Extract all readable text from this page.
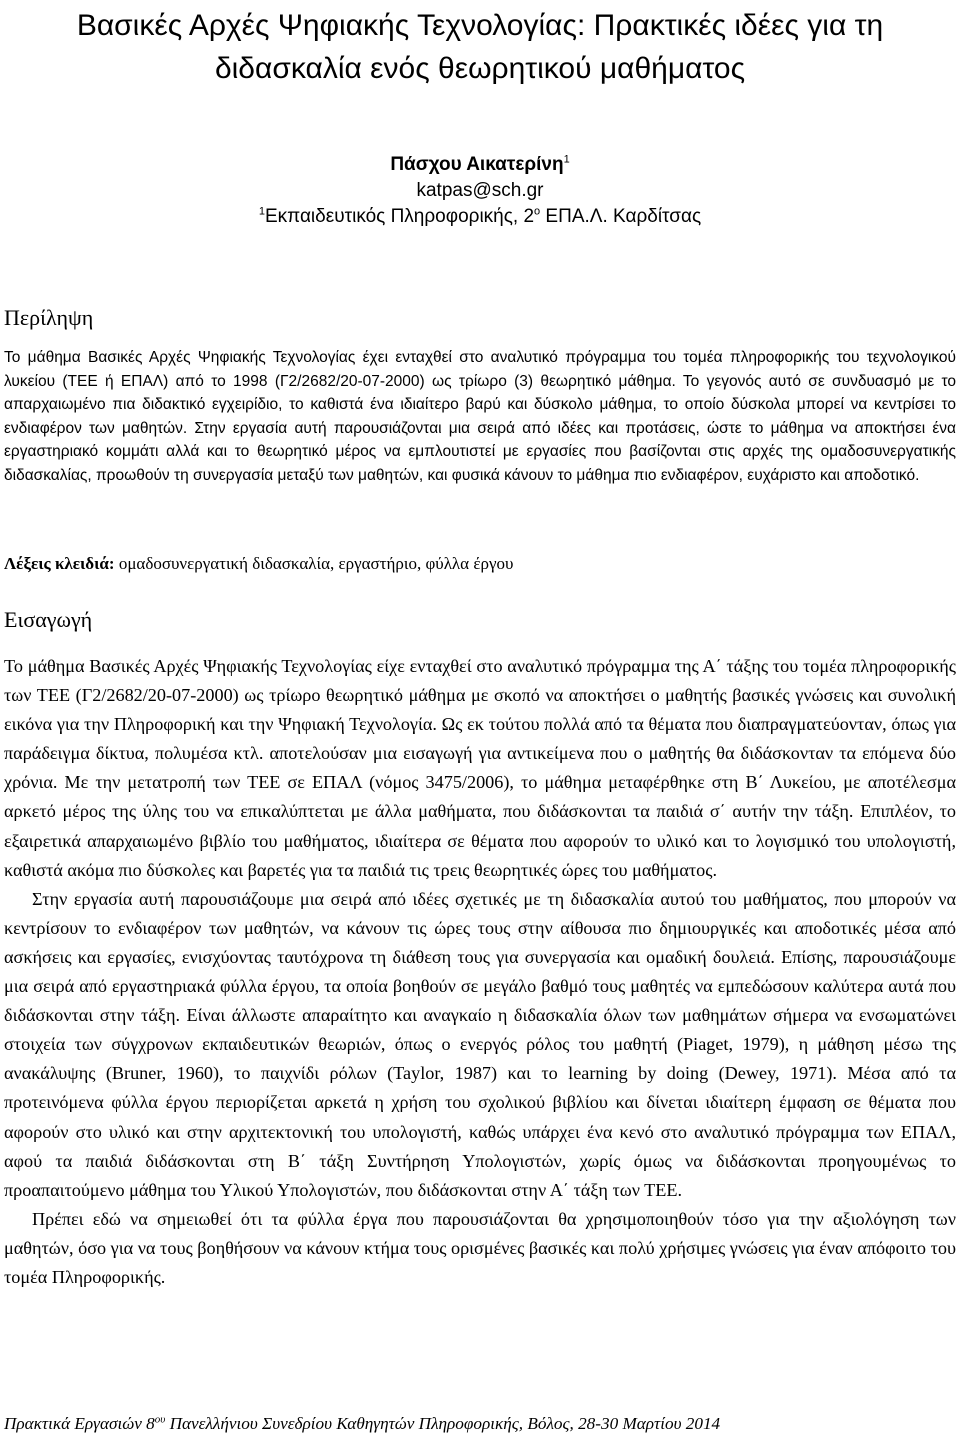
Βασικές Αρχές Ψηφιακής Τεχνολογίας: Πρακτικές ιδέες για τη διδασκαλία ενός θεωρητικού μαθήματος
Πάσχου Αικατερίνη$^1$
katpas@sch.gr
$^1$Εκπαιδευτικός Πληροφορικής, $2^o$ ΕΠΑ.Λ. Καρδίτσας
Περίληψη

Το μάθημα Βασικές Αρχές Ψηφιακής Τεχνολογίας έχει ενταχθεί στο αναλυτικό πρόγραμμα του τομέα πληροφορικής του τεχνολογικού λυκείου (ΤΕΕ ή ΕΠΑΛ) από το 1998 (Γ2/2682/20-07-2000) ως τρίωρο (3) θεωρητικό μάθημα. Το γεγονός αυτό σε συνδυασμό με το απαρχαιωμένο πια διδακτικό εγχειρίδιο, το καθιστά ένα ιδιαίτερο βαρύ και δύσκολο μάθημα, το οποίο δύσκολα μπορεί να κεντρίσει το ενδιαφέρον των μαθητών. Στην εργασία αυτή παρουσιάζονται μια σειρά από ιδέες και προτάσεις, ώστε το μάθημα να αποκτήσει ένα εργαστηριακό κομμάτι αλλά και το θεωρητικό μέρος να εμπλουτιστεί με εργασίες που βασίζονται στις αρχές της ομαδοσυνεργατικής διδασκαλίας, προωθούν τη συνεργασία μεταξύ των μαθητών, και φυσικά κάνουν το μάθημα πιο ενδιαφέρον, ευχάριστο και αποδοτικό.

Λέξεις κλειδιά: ομαδοσυνεργατική διδασκαλία, εργαστήριο, φύλλα έργου

Εισαγωγή

Το μάθημα Βασικές Αρχές Ψηφιακής Τεχνολογίας είχε ενταχθεί στο αναλυτικό πρόγραμμα της Α΄ τάξης του τομέα πληροφορικής των ΤΕΕ (Γ2/2682/20-07-2000) ως τρίωρο θεωρητικό μάθημα με σκοπό να αποκτήσει ο μαθητής βασικές γνώσεις και συνολική εικόνα για την Πληροφορική και την Ψηφιακή Τεχνολογία. Ως εκ τούτου πολλά από τα θέματα που διαπραγματεύονταν, όπως για παράδειγμα δίκτυα, πολυμέσα κτλ. αποτελούσαν μια εισαγωγή για αντικείμενα που ο μαθητής θα διδάσκονταν τα επόμενα δύο χρόνια. Με την μετατροπή των ΤΕΕ σε ΕΠΑΛ (νόμος 3475/2006), το μάθημα μεταφέρθηκε στη Β΄ Λυκείου, με αποτέλεσμα αρκετό μέρος της ύλης του να επικαλύπτεται με άλλα μαθήματα, που διδάσκονται τα παιδιά σ΄ αυτήν την τάξη. Επιπλέον, το εξαιρετικά απαρχαιωμένο βιβλίο του μαθήματος, ιδιαίτερα σε θέματα που αφορούν το υλικό και το λογισμικό του υπολογιστή, καθιστά ακόμα πιο δύσκολες και βαρετές για τα παιδιά τις τρεις θεωρητικές ώρες του μαθήματος.

Στην εργασία αυτή παρουσιάζουμε μια σειρά από ιδέες σχετικές με τη διδασκαλία αυτού του μαθήματος, που μπορούν να κεντρίσουν το ενδιαφέρον των μαθητών, να κάνουν τις ώρες τους στην αίθουσα πιο δημιουργικές και αποδοτικές μέσα από ασκήσεις και εργασίες, ενισχύοντας ταυτόχρονα τη διάθεση τους για συνεργασία και ομαδική δουλειά. Επίσης, παρουσιάζουμε μια σειρά από εργαστηριακά φύλλα έργου, τα οποία βοηθούν σε μεγάλο βαθμό τους μαθητές να εμπεδώσουν καλύτερα αυτά που διδάσκονται στην τάξη. Είναι άλλωστε απαραίτητο και αναγκαίο η διδασκαλία όλων των μαθημάτων σήμερα να ενσωματώνει στοιχεία των σύγχρονων εκπαιδευτικών θεωριών, όπως ο ενεργός ρόλος του μαθητή (Piaget, 1979), η μάθηση μέσω της ανακάλυψης (Bruner, 1960), το παιχνίδι ρόλων (Taylor, 1987) και το learning by doing (Dewey, 1971). Μέσα από τα προτεινόμενα φύλλα έργου περιορίζεται αρκετά η χρήση του σχολικού βιβλίου και δίνεται ιδιαίτερη έμφαση σε θέματα που αφορούν στο υλικό και στην αρχιτεκτονική του υπολογιστή, καθώς υπάρχει ένα κενό στο αναλυτικό πρόγραμμα των ΕΠΑΛ, αφού τα παιδιά διδάσκονται στη Β΄ τάξη Συντήρηση Υπολογιστών, χωρίς όμως να διδάσκονται προηγουμένως το προαπαιτούμενο μάθημα του Υλικού Υπολογιστών, που διδάσκονται στην Α΄ τάξη των ΤΕΕ.

Πρέπει εδώ να σημειωθεί ότι τα φύλλα έργα που παρουσιάζονται θα χρησιμοποιηθούν τόσο για την αξιολόγηση των μαθητών, όσο για να τους βοηθήσουν να κάνουν κτήμα τους ορισμένες βασικές και πολύ χρήσιμες γνώσεις για έναν απόφοιτο του τομέα Πληροφορικής.

Πρακτικά Εργασιών $8^{o\upsilon}$ Πανελλήνιου Συνεδρίου Καθηγητών Πληροφορικής, Βόλος, 28-30 Μαρτίου 2014
